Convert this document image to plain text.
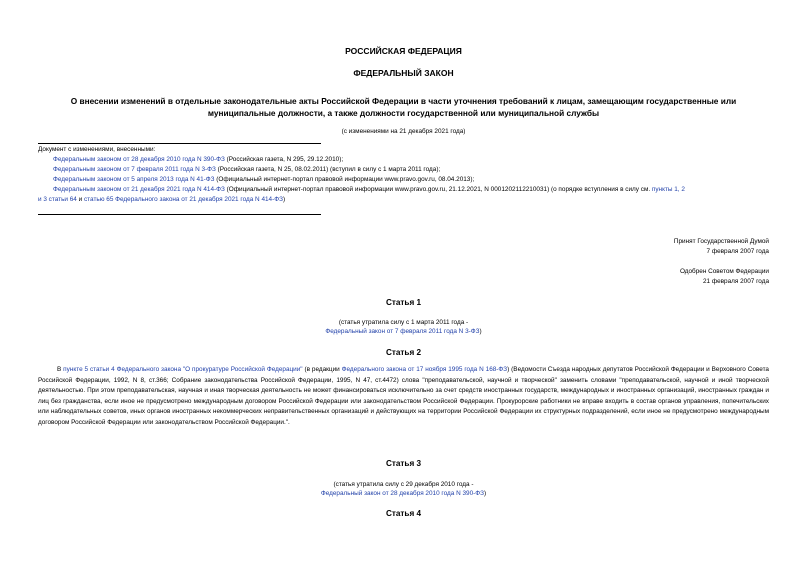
РОССИЙСКАЯ ФЕДЕРАЦИЯ
ФЕДЕРАЛЬНЫЙ ЗАКОН
О внесении изменений в отдельные законодательные акты Российской Федерации в части уточнения требований к лицам, замещающим государственные или
муниципальные должности, а также должности государственной или муниципальной службы
(с изменениями на 21 декабря 2021 года)
Документ с изменениями, внесенными:
Федеральным законом от 28 декабря 2010 года N 390-ФЗ (Российская газета, N 295, 29.12.2010);
Федеральным законом от 7 февраля 2011 года N 3-ФЗ (Российская газета, N 25, 08.02.2011) (вступил в силу с 1 марта 2011 года);
Федеральным законом от 5 апреля 2013 года N 41-ФЗ (Официальный интернет-портал правовой информации www.pravo.gov.ru, 08.04.2013);
Федеральным законом от 21 декабря 2021 года N 414-ФЗ (Официальный интернет-портал правовой информации www.pravo.gov.ru, 21.12.2021, N 0001202112210031) (о порядке вступления в силу см. пункты 1, 2
и 3 статьи 64 и статью 65 Федерального закона от 21 декабря 2021 года N 414-ФЗ)
Принят Государственной Думой
7 февраля 2007 года
Одобрен Советом Федерации
21 февраля 2007 года
Статья 1
(статья утратила силу с 1 марта 2011 года -
Федеральный закон от 7 февраля 2011 года N 3-ФЗ)
Статья 2
В пункте 5 статьи 4 Федерального закона "О прокуратуре Российской Федерации" (в редакции Федерального закона от 17 ноября 1995 года N 168-ФЗ) (Ведомости Съезда народных депутатов Российской Федерации и Верховного Совета Российской Федерации, 1992, N 8, ст.366; Собрание законодательства Российской Федерации, 1995, N 47, ст.4472) слова "преподавательской, научной и творческой" заменить словами "преподавательской, научной и иной творческой деятельностью. При этом преподавательская, научная и иная творческая деятельность не может финансироваться исключительно за счет средств иностранных государств, международных и иностранных организаций, иностранных граждан и лиц без гражданства, если иное не предусмотрено международным договором Российской Федерации или законодательством Российской Федерации. Прокурорские работники не вправе входить в состав органов управления, попечительских или наблюдательных советов, иных органов иностранных некоммерческих неправительственных организаций и действующих на территории Российской Федерации их структурных подразделений, если иное не предусмотрено международным договором Российской Федерации или законодательством Российской Федерации.".
Статья 3
(статья утратила силу с 29 декабря 2010 года -
Федеральный закон от 28 декабря 2010 года N 390-ФЗ)
Статья 4
